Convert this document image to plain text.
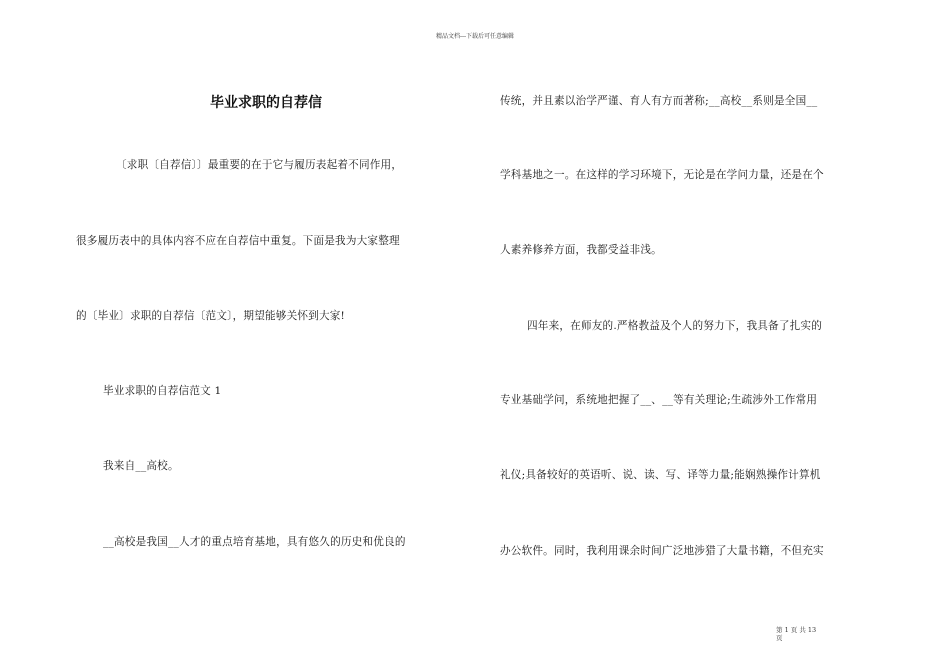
精品文档---下载后可任意编辑
毕业求职的自荐信
〔求职〔自荐信〕〕最重要的在于它与履历表起着不同作用，
很多履历表中的具体内容不应在自荐信中重复。下面是我为大家整理
的〔毕业〕求职的自荐信〔范文〕，期望能够关怀到大家!
毕业求职的自荐信范文 1
我来自__高校。
__高校是我国__人才的重点培育基地，具有悠久的历史和优良的
传统，并且素以治学严谨、育人有方而著称;__高校__系则是全国__
学科基地之一。在这样的学习环境下，无论是在学问力量，还是在个
人素养修养方面，我都受益非浅。
四年来，在师友的.严格教益及个人的努力下，我具备了扎实的
专业基础学问，系统地把握了__、__等有关理论;生疏涉外工作常用
礼仪;具备较好的英语听、说、读、写、译等力量;能娴熟操作计算机
办公软件。同时，我利用课余时间广泛地涉猎了大量书籍，不但充实
第 1 页 共 13
页
